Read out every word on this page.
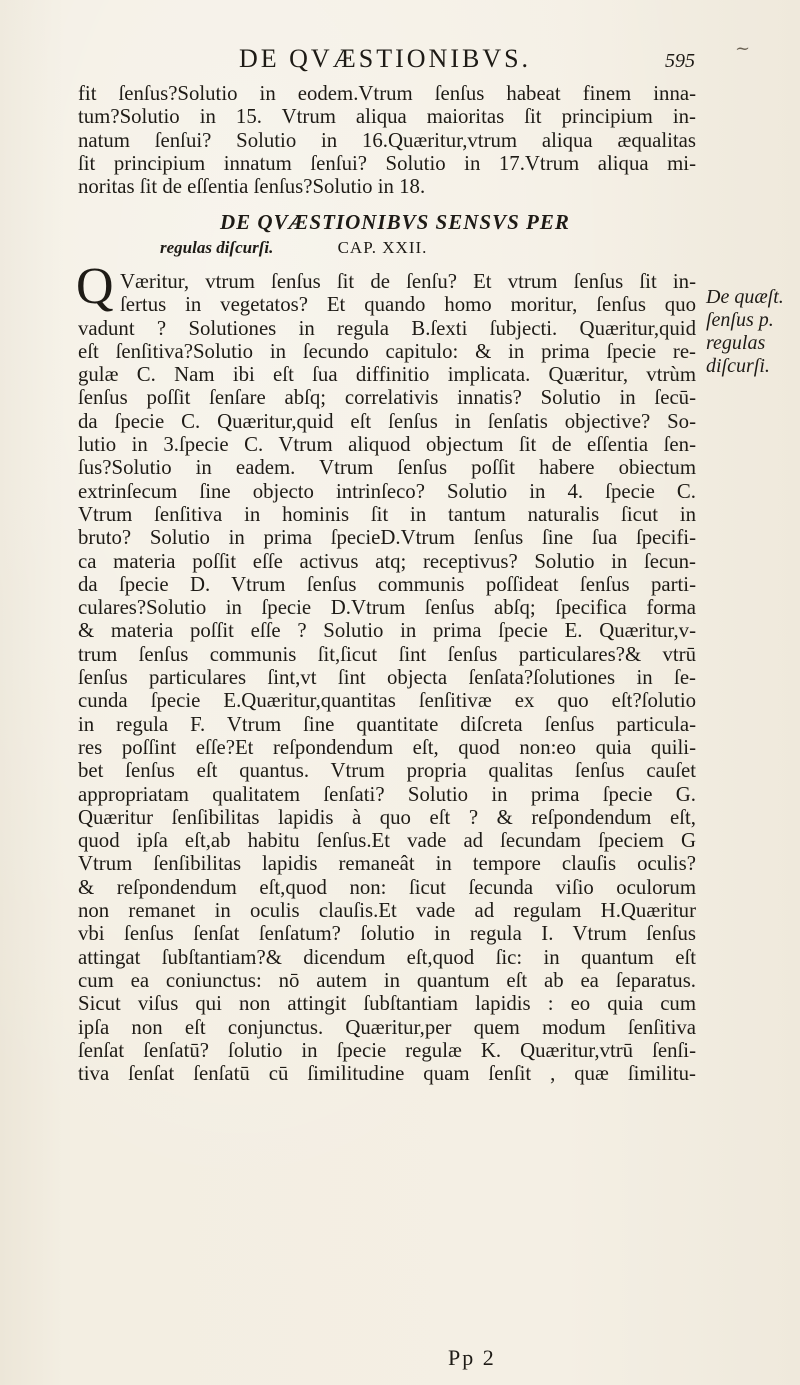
DE QVÆSTIONIBVS.	595
~
fit ſenſus?Solutio in eodem.Vtrum ſenſus habeat finem inna-
tum?Solutio in 15. Vtrum aliqua maioritas ſit principium in-
natum ſenſui? Solutio in 16.Quæritur,vtrum aliqua æqualitas
ſit principium innatum ſenſui? Solutio in 17.Vtrum aliqua mi-
noritas ſit de eſſentia ſenſus?Solutio in 18.
DE QVÆSTIONIBVS SENSVS PER
regulas diſcurſi.	CAP. XXII.
Q Væritur, vtrum ſenſus ſit de ſenſu? Et vtrum ſenſus ſit in-
ſertus in vegetatos? Et quando homo moritur, ſenſus quo
vadunt ? Solutiones in regula B.ſexti ſubjecti. Quæritur,quid
eſt ſenſitiva?Solutio in ſecundo capitulo: & in prima ſpecie re-
gulæ C. Nam ibi eſt ſua diffinitio implicata. Quæritur, vtrùm
ſenſus poſſit ſenſare abſq; correlativis innatis? Solutio in ſecū-
da ſpecie C. Quæritur,quid eſt ſenſus in ſenſatis objective? So-
lutio in 3.ſpecie C. Vtrum aliquod objectum ſit de eſſentia ſen-
ſus?Solutio in eadem. Vtrum ſenſus poſſit habere obiectum
extrinſecum ſine objecto intrinſeco? Solutio in 4. ſpecie C.
Vtrum ſenſitiva in hominis ſit in tantum naturalis ſicut in
bruto? Solutio in prima ſpecieD.Vtrum ſenſus ſine ſua ſpecifi-
ca materia poſſit eſſe activus atq; receptivus? Solutio in ſecun-
da ſpecie D. Vtrum ſenſus communis poſſideat ſenſus parti-
culares?Solutio in ſpecie D.Vtrum ſenſus abſq; ſpecifica forma
& materia poſſit eſſe ? Solutio in prima ſpecie E. Quæritur,v-
trum ſenſus communis ſit,ſicut ſint ſenſus particulares?& vtrū
ſenſus particulares ſint,vt ſint objecta ſenſata?ſolutiones in ſe-
cunda ſpecie E.Quæritur,quantitas ſenſitivæ ex quo eſt?ſolutio
in regula F. Vtrum ſine quantitate diſcreta ſenſus particula-
res poſſint eſſe?Et reſpondendum eſt, quod non:eo quia quili-
bet ſenſus eſt quantus. Vtrum propria qualitas ſenſus cauſet
appropriatam qualitatem ſenſati? Solutio in prima ſpecie G.
Quæritur ſenſibilitas lapidis à quo eſt ? & reſpondendum eſt,
quod ipſa eſt,ab habitu ſenſus.Et vade ad ſecundam ſpeciem G
Vtrum ſenſibilitas lapidis remaneât in tempore clauſis oculis?
& reſpondendum eſt,quod non: ſicut ſecunda viſio oculorum
non remanet in oculis clauſis.Et vade ad regulam H.Quæritur
vbi ſenſus ſenſat ſenſatum? ſolutio in regula I. Vtrum ſenſus
attingat ſubſtantiam?& dicendum eſt,quod ſic: in quantum eſt
cum ea coniunctus: nō autem in quantum eſt ab ea ſeparatus.
Sicut viſus qui non attingit ſubſtantiam lapidis : eo quia cum
ipſa non eſt conjunctus. Quæritur,per quem modum ſenſitiva
ſenſat ſenſatū? ſolutio in ſpecie regulæ K. Quæritur,vtrū ſenſi-
tiva ſenſat ſenſatū cū ſimilitudine quam ſenſit , quæ ſimilitu-
De quæſt.
ſenſus p.
regulas
diſcurſi.
Pp 2
